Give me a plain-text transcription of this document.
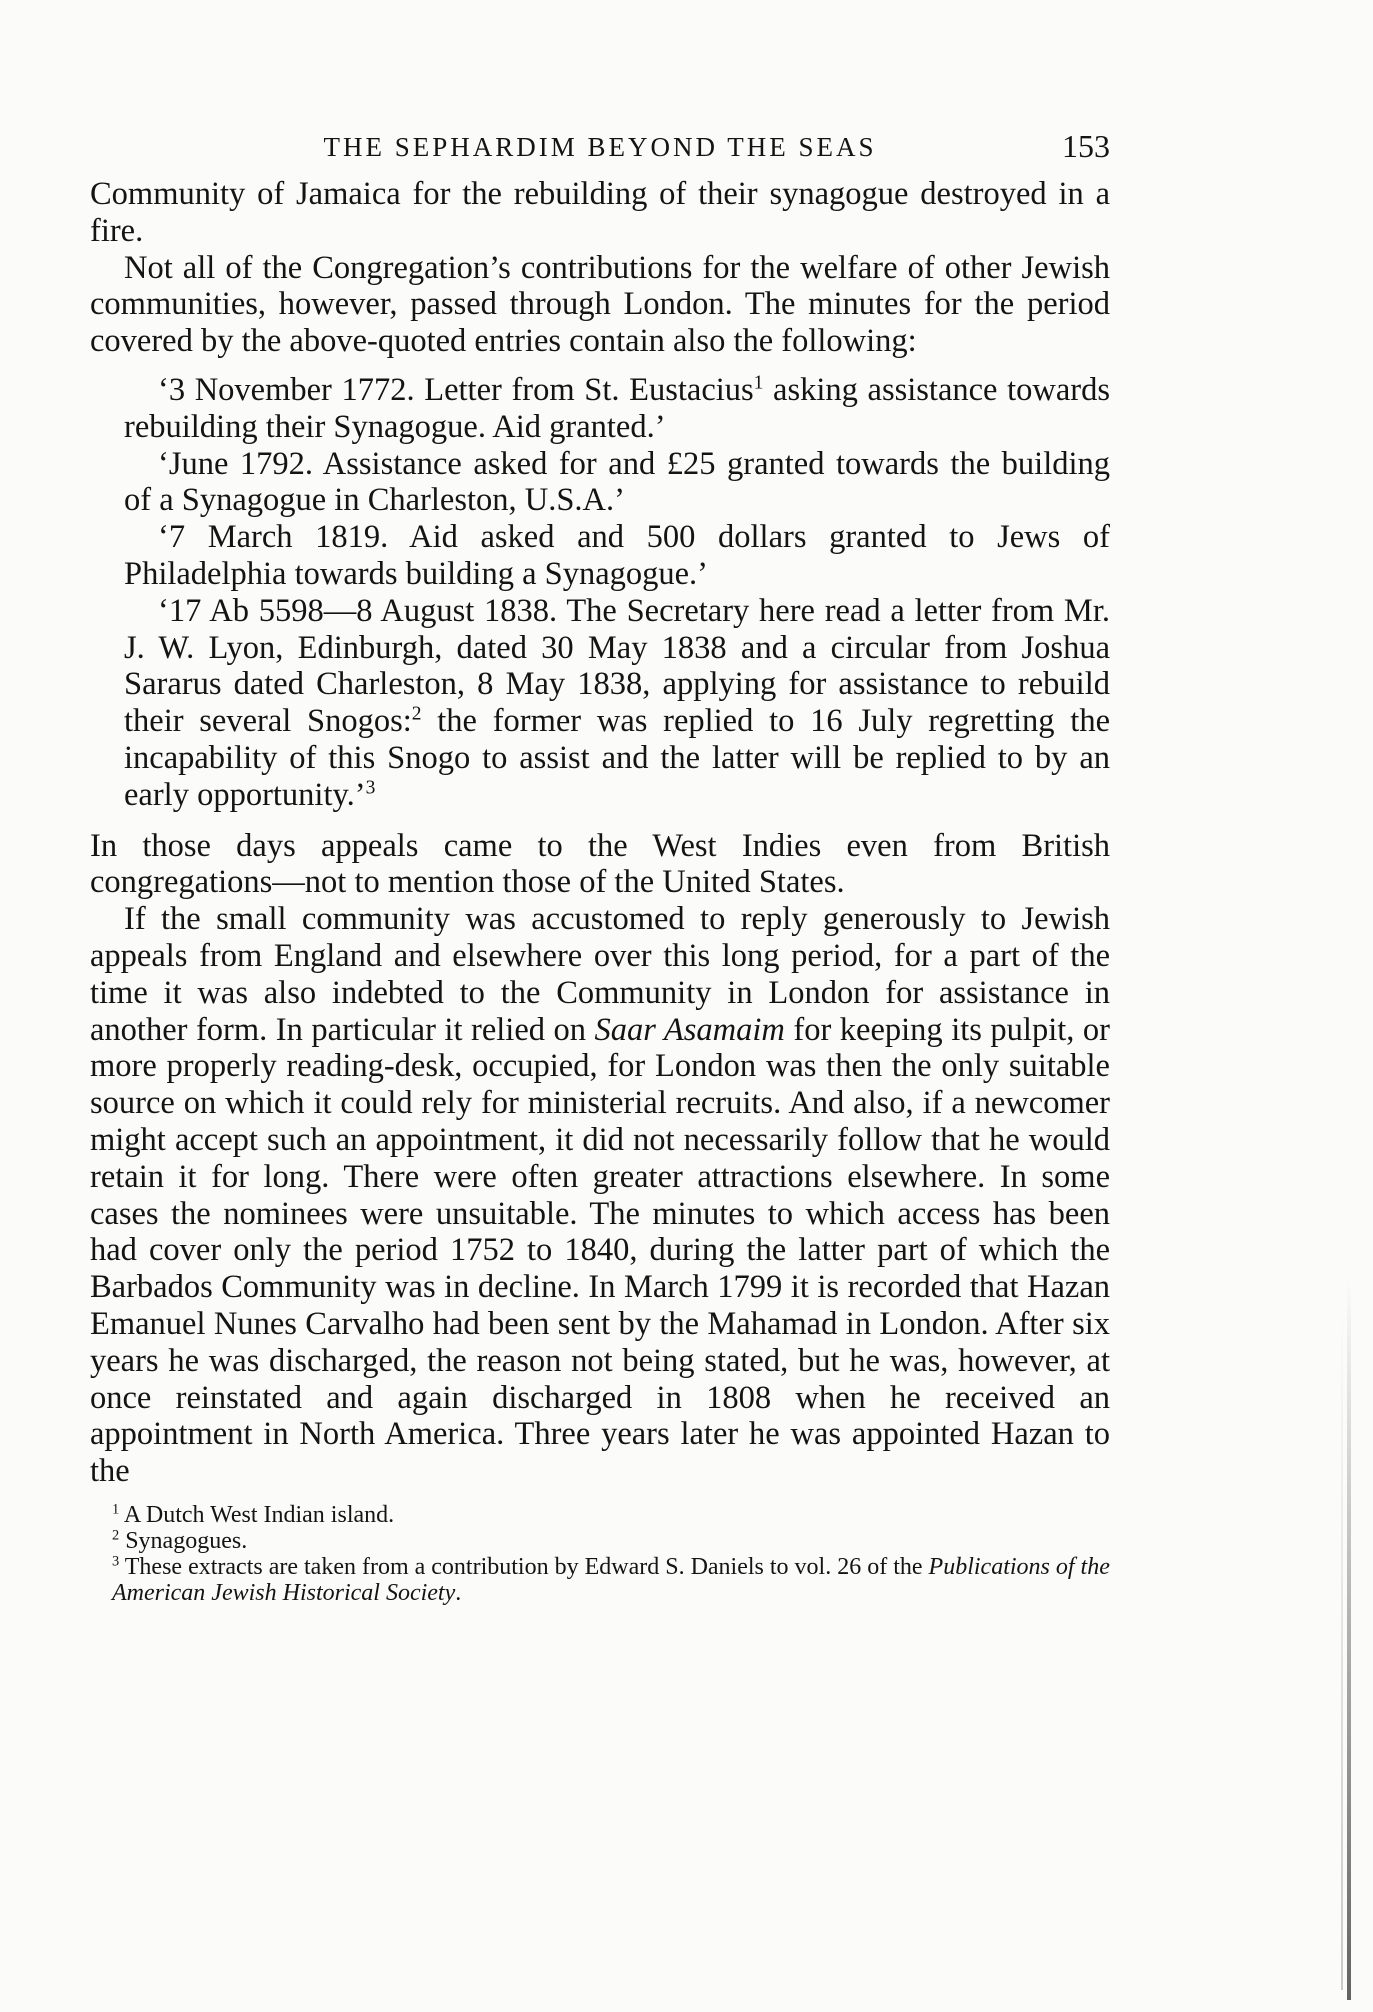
THE SEPHARDIM BEYOND THE SEAS	153

Community of Jamaica for the rebuilding of their synagogue destroyed in a fire.

Not all of the Congregation’s contributions for the welfare of other Jewish communities, however, passed through London. The minutes for the period covered by the above-quoted entries contain also the following:

‘3 November 1772. Letter from St. Eustacius$^1$ asking assistance towards rebuilding their Synagogue. Aid granted.’

‘June 1792. Assistance asked for and £25 granted towards the building of a Synagogue in Charleston, U.S.A.’

‘7 March 1819. Aid asked and 500 dollars granted to Jews of Philadelphia towards building a Synagogue.’

‘17 Ab 5598—8 August 1838. The Secretary here read a letter from Mr. J. W. Lyon, Edinburgh, dated 30 May 1838 and a circular from Joshua Sararus dated Charleston, 8 May 1838, applying for assistance to rebuild their several Snogos:$^2$ the former was replied to 16 July regretting the incapability of this Snogo to assist and the latter will be replied to by an early opportunity.’$^3$

In those days appeals came to the West Indies even from British congregations—not to mention those of the United States.

If the small community was accustomed to reply generously to Jewish appeals from England and elsewhere over this long period, for a part of the time it was also indebted to the Community in London for assistance in another form. In particular it relied on Saar Asamaim for keeping its pulpit, or more properly reading-desk, occupied, for London was then the only suitable source on which it could rely for ministerial recruits. And also, if a newcomer might accept such an appointment, it did not necessarily follow that he would retain it for long. There were often greater attractions elsewhere. In some cases the nominees were unsuitable. The minutes to which access has been had cover only the period 1752 to 1840, during the latter part of which the Barbados Community was in decline. In March 1799 it is recorded that Hazan Emanuel Nunes Carvalho had been sent by the Mahamad in London. After six years he was discharged, the reason not being stated, but he was, however, at once reinstated and again discharged in 1808 when he received an appointment in North America. Three years later he was appointed Hazan to the

$^1$ A Dutch West Indian island.

$^2$ Synagogues.

$^3$ These extracts are taken from a contribution by Edward S. Daniels to vol. 26 of the Publications of the American Jewish Historical Society.
